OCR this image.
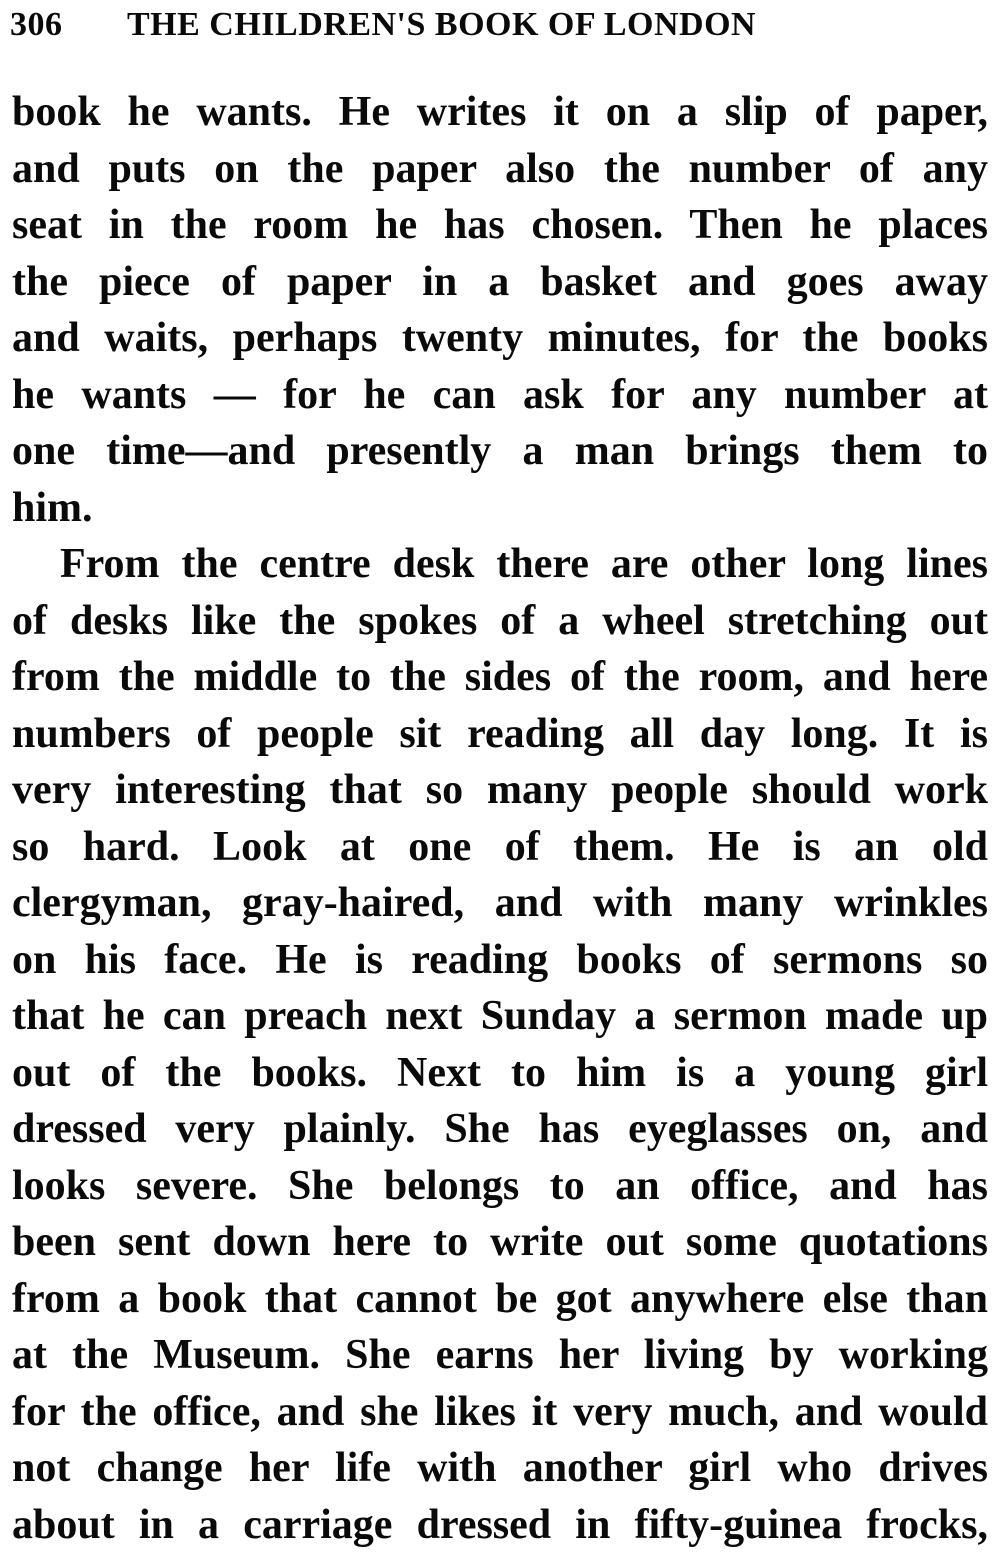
306 THE CHILDREN'S BOOK OF LONDON
book he wants. He writes it on a slip of paper,
and puts on the paper also the number of any
seat in the room he has chosen. Then he places
the piece of paper in a basket and goes away
and waits, perhaps twenty minutes, for the books
he wants — for he can ask for any number at
one time—and presently a man brings them to
him.
From the centre desk there are other long lines
of desks like the spokes of a wheel stretching out
from the middle to the sides of the room, and here
numbers of people sit reading all day long. It is
very interesting that so many people should work
so hard. Look at one of them. He is an old
clergyman, gray-haired, and with many wrinkles
on his face. He is reading books of sermons so
that he can preach next Sunday a sermon made up
out of the books. Next to him is a young girl
dressed very plainly. She has eyeglasses on, and
looks severe. She belongs to an office, and has
been sent down here to write out some quotations
from a book that cannot be got anywhere else than
at the Museum. She earns her living by working
for the office, and she likes it very much, and would
not change her life with another girl who drives
about in a carriage dressed in fifty-guinea frocks,
